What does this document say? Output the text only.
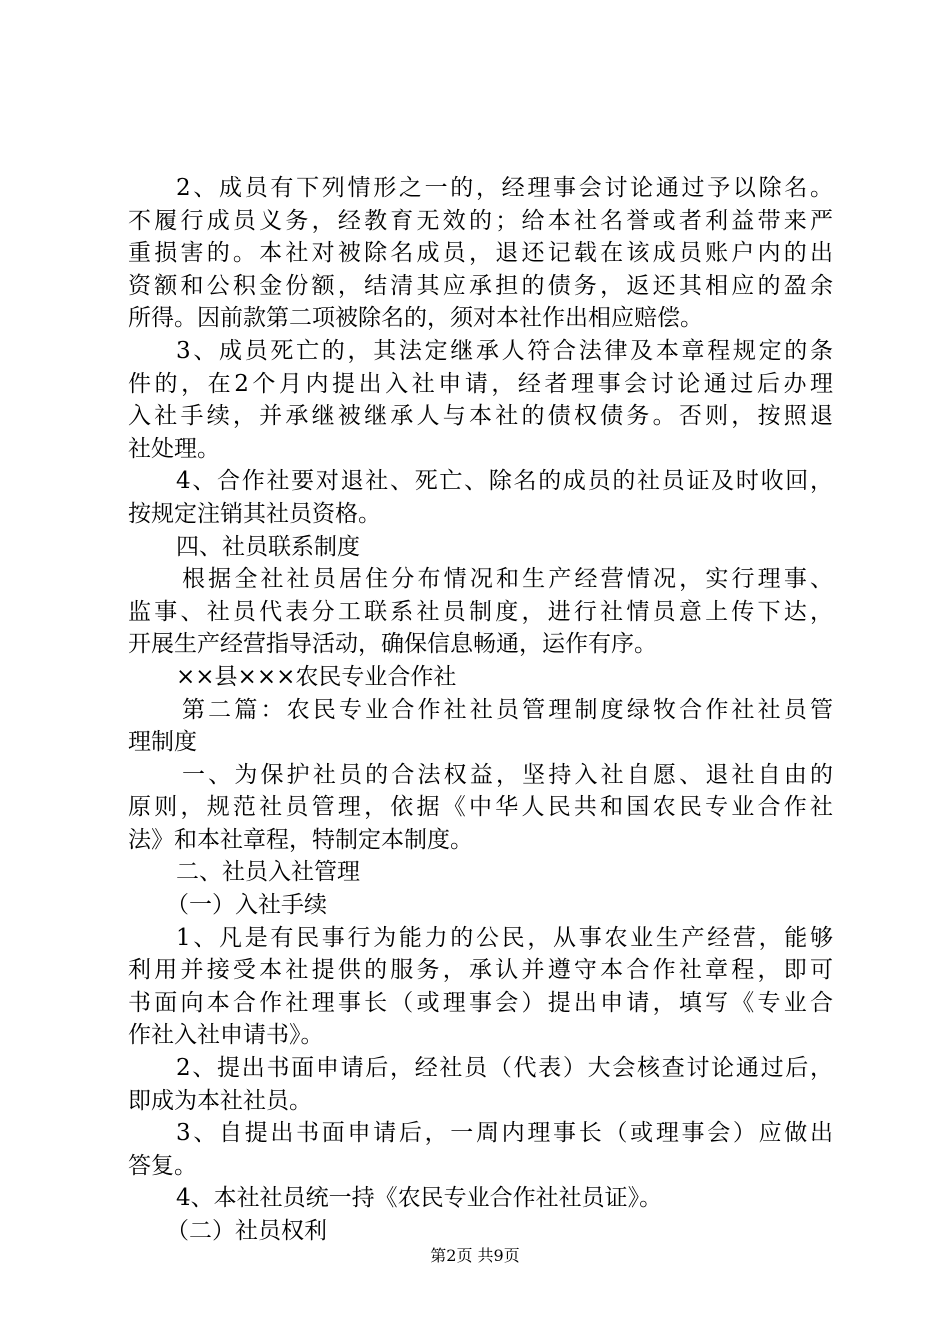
2、成员有下列情形之一的，经理事会讨论通过予以除名。
不履行成员义务，经教育无效的；给本社名誉或者利益带来严
重损害的。本社对被除名成员，退还记载在该成员账户内的出
资额和公积金份额，结清其应承担的债务，返还其相应的盈余
所得。因前款第二项被除名的，须对本社作出相应赔偿。
3、成员死亡的，其法定继承人符合法律及本章程规定的条
件的，在2个月内提出入社申请，经者理事会讨论通过后办理
入社手续，并承继被继承人与本社的债权债务。否则，按照退
社处理。
4、合作社要对退社、死亡、除名的成员的社员证及时收回，
按规定注销其社员资格。
四、社员联系制度
根据全社社员居住分布情况和生产经营情况，实行理事、
监事、社员代表分工联系社员制度，进行社情员意上传下达，
开展生产经营指导活动，确保信息畅通，运作有序。
××县×××农民专业合作社
第二篇：农民专业合作社社员管理制度绿牧合作社社员管
理制度
一、为保护社员的合法权益，坚持入社自愿、退社自由的
原则，规范社员管理，依据《中华人民共和国农民专业合作社
法》和本社章程，特制定本制度。
二、社员入社管理
（一）入社手续
1、凡是有民事行为能力的公民，从事农业生产经营，能够
利用并接受本社提供的服务，承认并遵守本合作社章程，即可
书面向本合作社理事长（或理事会）提出申请，填写《专业合
作社入社申请书》。
2、提出书面申请后，经社员（代表）大会核查讨论通过后，
即成为本社社员。
3、自提出书面申请后，一周内理事长（或理事会）应做出
答复。
4、本社社员统一持《农民专业合作社社员证》。
（二）社员权利
第2页 共9页
